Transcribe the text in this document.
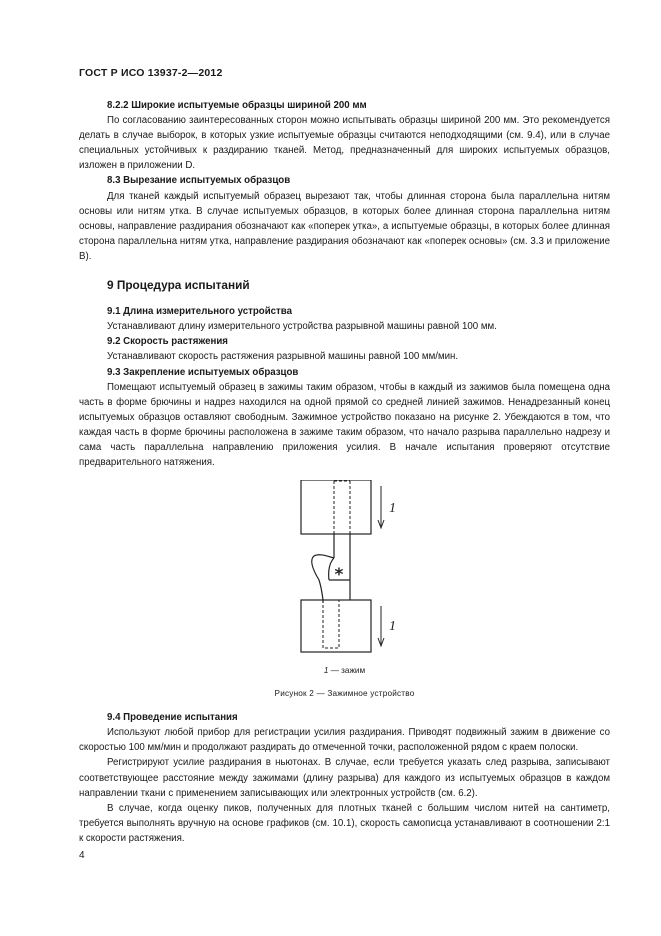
ГОСТ Р ИСО 13937-2—2012
8.2.2 Широкие испытуемые образцы шириной 200 мм

По согласованию заинтересованных сторон можно испытывать образцы шириной 200 мм. Это рекомендуется делать в случае выборок, в которых узкие испытуемые образцы считаются неподходящими (см. 9.4), или в случае специальных устойчивых к раздиранию тканей. Метод, предназначенный для широких испытуемых образцов, изложен в приложении D.

8.3 Вырезание испытуемых образцов

Для тканей каждый испытуемый образец вырезают так, чтобы длинная сторона была параллельна нитям основы или нитям утка. В случае испытуемых образцов, в которых более длинная сторона параллельна нитям основы, направление раздирания обозначают как «поперек утка», а испытуемые образцы, в которых более длинная сторона параллельна нитям утка, направление раздирания обозначают как «поперек основы» (см. 3.3 и приложение В).

9 Процедура испытаний
9.1 Длина измерительного устройства

Устанавливают длину измерительного устройства разрывной машины равной 100 мм.

9.2 Скорость растяжения

Устанавливают скорость растяжения разрывной машины равной 100 мм/мин.

9.3 Закрепление испытуемых образцов

Помещают испытуемый образец в зажимы таким образом, чтобы в каждый из зажимов была помещена одна часть в форме брючины и надрез находился на одной прямой со средней линией зажимов. Ненадрезанный конец испытуемых образцов оставляют свободным. Зажимное устройство показано на рисунке 2. Убеждаются в том, что каждая часть в форме брючины расположена в зажиме таким образом, что начало разрыва параллельно надрезу и сама часть параллельна направлению приложения усилия. В начале испытания проверяют отсутствие предварительного натяжения.

*
1
1
1 — зажим
Рисунок 2 — Зажимное устройство
9.4 Проведение испытания

Используют любой прибор для регистрации усилия раздирания. Приводят подвижный зажим в движение со скоростью 100 мм/мин и продолжают раздирать до отмеченной точки, расположенной рядом с краем полоски.

Регистрируют усилие раздирания в ньютонах. В случае, если требуется указать след разрыва, записывают соответствующее расстояние между зажимами (длину разрыва) для каждого из испытуемых образцов в каждом направлении ткани с применением записывающих или электронных устройств (см. 6.2).

В случае, когда оценку пиков, полученных для плотных тканей с большим числом нитей на сантиметр, требуется выполнять вручную на основе графиков (см. 10.1), скорость самописца устанавливают в соотношении 2:1 к скорости растяжения.

4
